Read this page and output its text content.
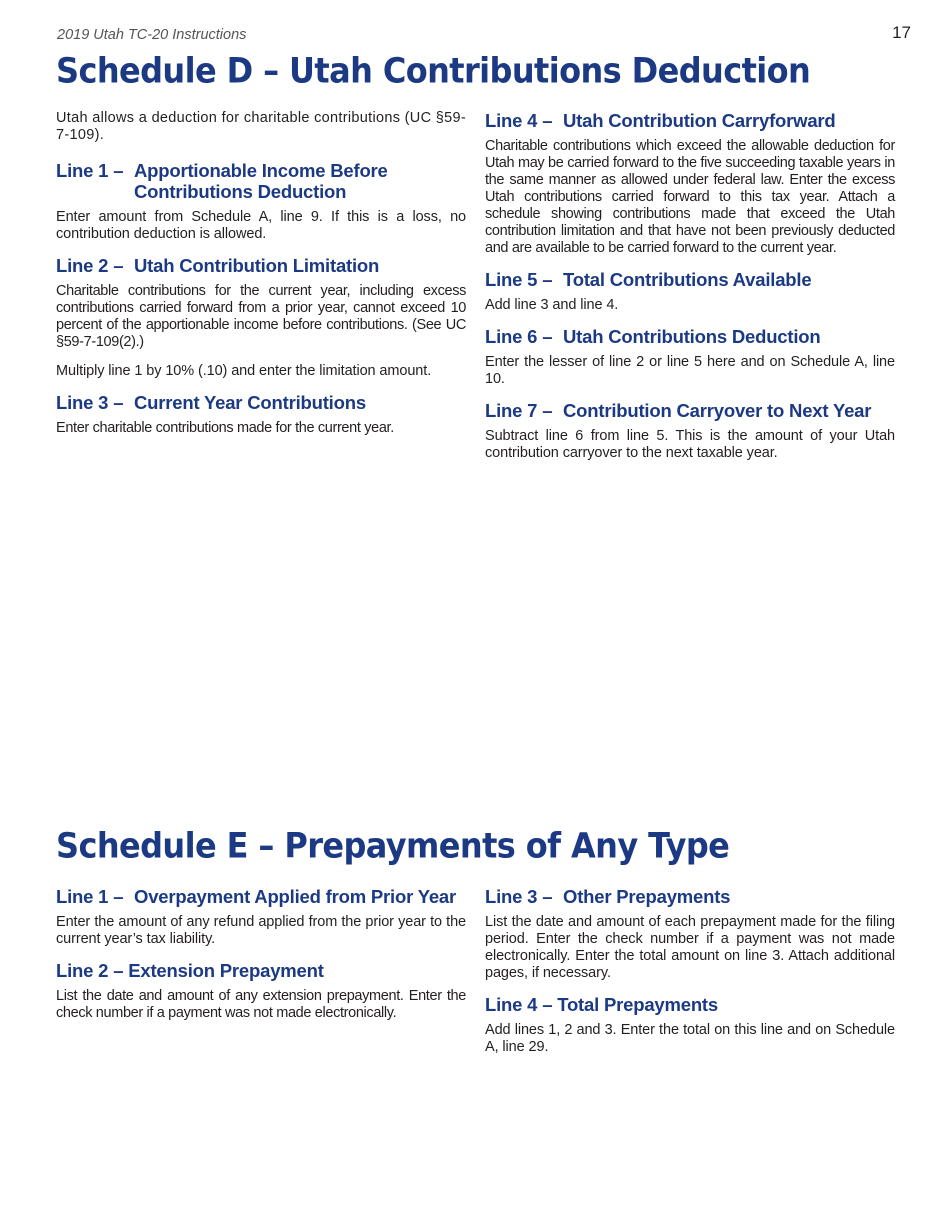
2019 Utah TC-20 Instructions	17
Schedule D – Utah Contributions Deduction

Utah allows a deduction for charitable contributions (UC §59-7-109).

Line 1 – Apportionable Income Before
Contributions Deduction

Enter amount from Schedule A, line 9. If this is a loss, no contribution deduction is allowed.

Line 2 – Utah Contribution Limitation

Charitable contributions for the current year, including excess contributions carried forward from a prior year, cannot exceed 10 percent of the apportionable income before contributions. (See UC §59-7-109(2).)

Multiply line 1 by 10% (.10) and enter the limitation amount.

Line 3 – Current Year Contributions

Enter charitable contributions made for the current year.

Line 4 – Utah Contribution Carryforward

Charitable contributions which exceed the allowable deduction for Utah may be carried forward to the five succeeding taxable years in the same manner as allowed under federal law. Enter the excess Utah contributions carried forward to this tax year. Attach a schedule showing contributions made that exceed the Utah contribution limitation and that have not been previously deducted and are available to be carried forward to the current year.

Line 5 – Total Contributions Available

Add line 3 and line 4.

Line 6 – Utah Contributions Deduction

Enter the lesser of line 2 or line 5 here and on Schedule A, line 10.

Line 7 – Contribution Carryover to Next Year

Subtract line 6 from line 5. This is the amount of your Utah contribution carryover to the next taxable year.

Schedule E – Prepayments of Any Type
Line 1 – Overpayment Applied from Prior Year

Enter the amount of any refund applied from the prior year to the current year’s tax liability.

Line 2 – Extension Prepayment

List the date and amount of any extension prepayment. Enter the check number if a payment was not made electronically.

Line 3 – Other Prepayments

List the date and amount of each prepayment made for the filing period. Enter the check number if a payment was not made electronically. Enter the total amount on line 3. Attach additional pages, if necessary.

Line 4 – Total Prepayments

Add lines 1, 2 and 3. Enter the total on this line and on Schedule A, line 29.
